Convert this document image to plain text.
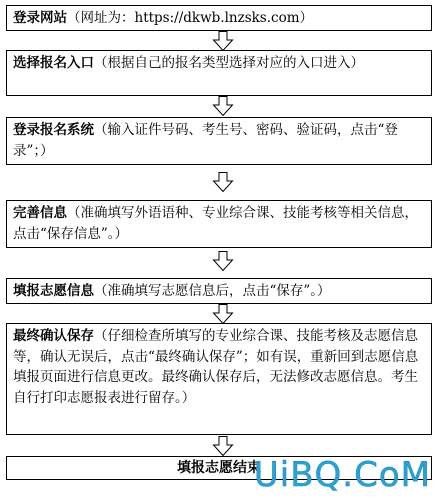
登录网站（网址为：https://dkwb.lnzsks.com）
选择报名入口（根据自己的报名类型选择对应的入口进入）
登录报名系统（输入证件号码、考生号、密码、验证码，点击“登录”；）
完善信息（准确填写外语语种、专业综合课、技能考核等相关信息，点击“保存信息”。）
填报志愿信息（准确填写志愿信息后，点击“保存”。）
最终确认保存（仔细检查所填写的专业综合课、技能考核及志愿信息等，确认无误后，点击“最终确认保存”；如有误，重新回到志愿信息填报页面进行信息更改。最终确认保存后，无法修改志愿信息。考生自行打印志愿报表进行留存。）
填报志愿结束
UiBQ.CoM
